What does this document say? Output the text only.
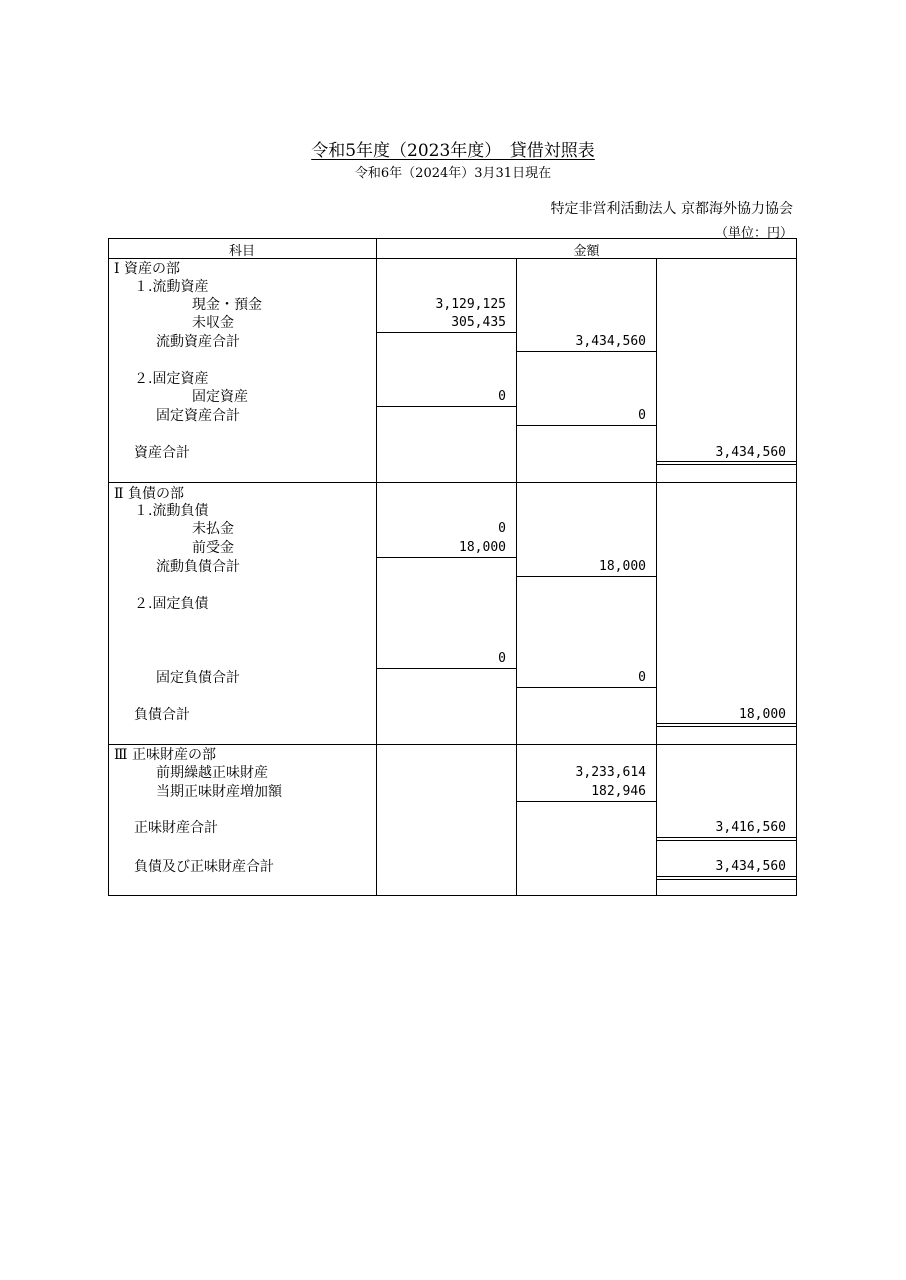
令和5年度（2023年度）　貸借対照表
令和6年（2024年）3月31日現在
特定非営利活動法人 京都海外協力協会
（単位：円）
科目	金額
Ⅰ 資産の部
１.流動資産
現金・預金	3,129,125
未収金	305,435
流動資産合計	3,434,560
２.固定資産
固定資産	0
固定資産合計	0
資産合計	3,434,560
Ⅱ 負債の部
１.流動負債
未払金	0
前受金	18,000
流動負債合計	18,000
２.固定負債
0
固定負債合計	0
負債合計	18,000
Ⅲ 正味財産の部
前期繰越正味財産	3,233,614
当期正味財産増加額	182,946
正味財産合計	3,416,560
負債及び正味財産合計	3,434,560
